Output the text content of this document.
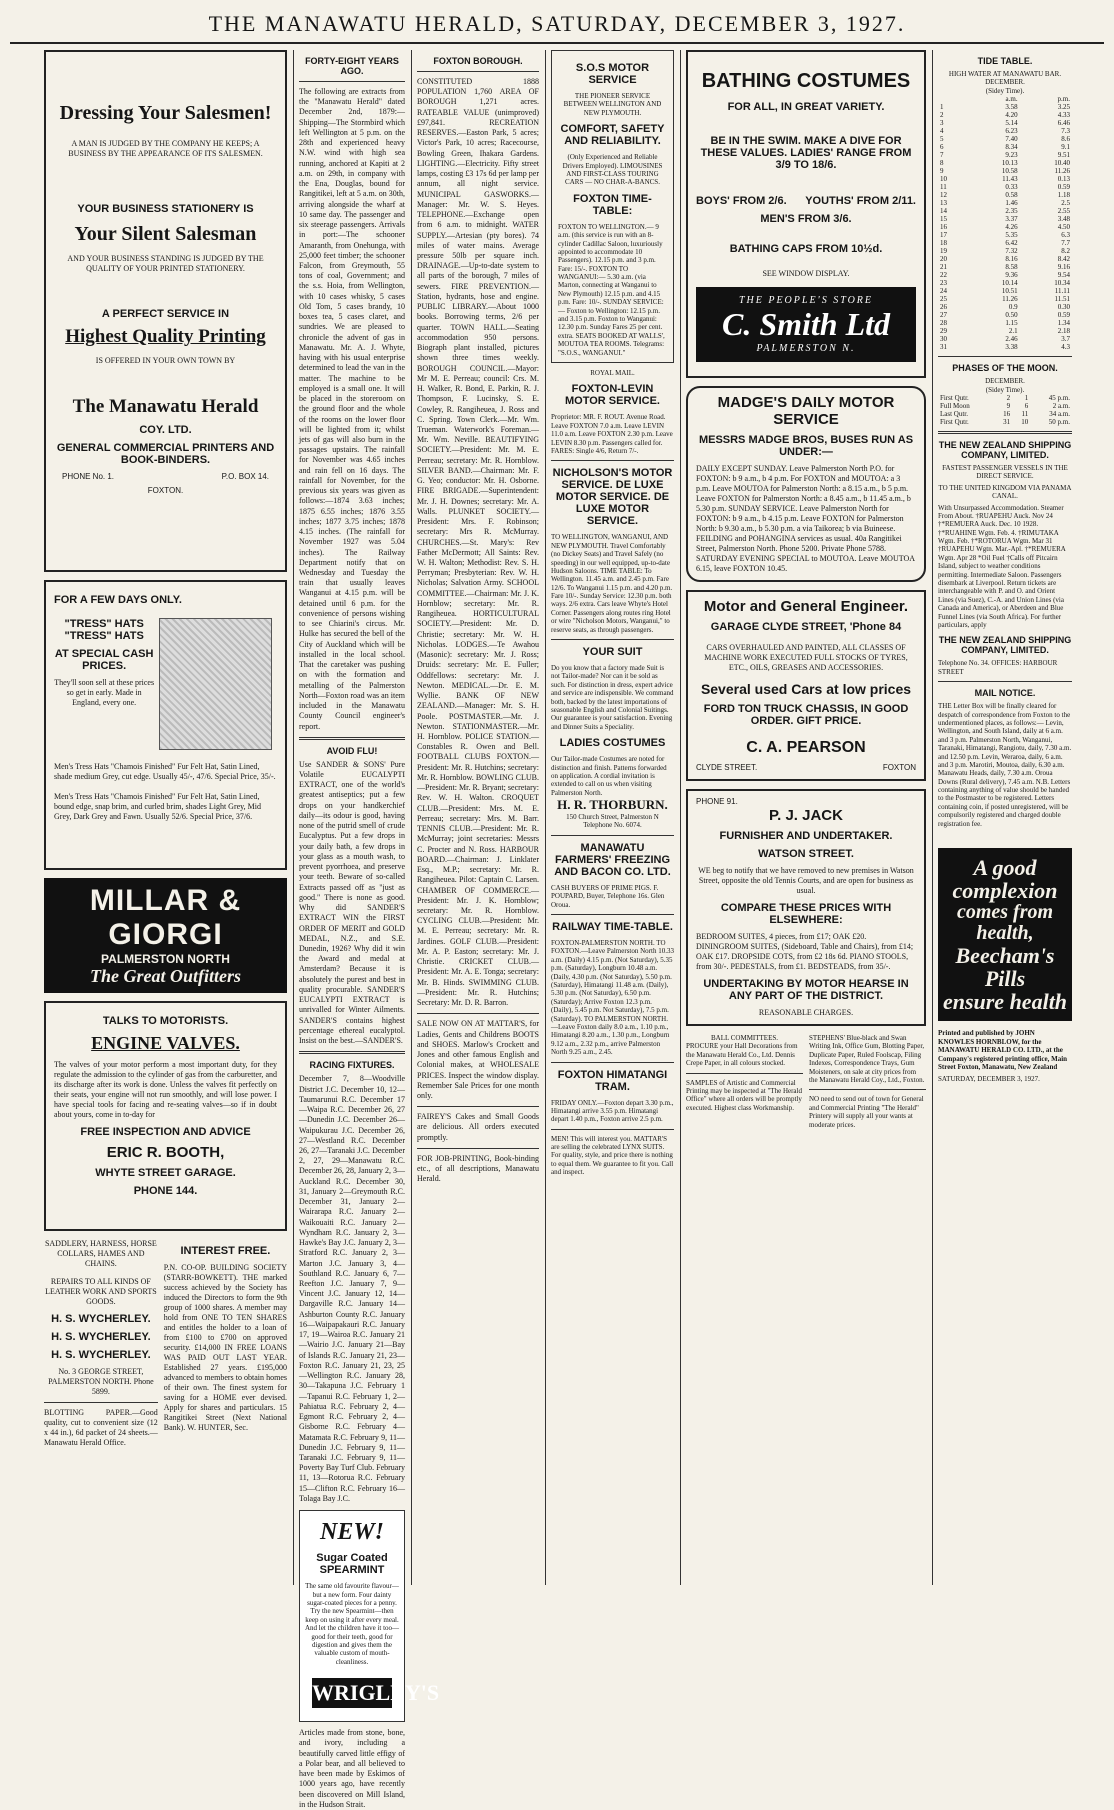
THE MANAWATU HERALD, SATURDAY, DECEMBER 3, 1927.
Dressing Your Salesmen!
A MAN IS JUDGED BY THE COMPANY HE KEEPS; A BUSINESS BY THE APPEARANCE OF ITS SALESMEN.
YOUR BUSINESS STATIONERY IS
Your Silent Salesman
AND YOUR BUSINESS STANDING IS JUDGED BY THE QUALITY OF YOUR PRINTED STATIONERY.
A PERFECT SERVICE IN
Highest Quality Printing
IS OFFERED IN YOUR OWN TOWN BY
The Manawatu Herald
COY. LTD.
GENERAL COMMERCIAL PRINTERS AND BOOK-BINDERS.
PHONE No. 1.	P.O. BOX 14.
FOXTON.
FOR A FEW DAYS ONLY.
"TRESS" HATS "TRESS" HATS
AT SPECIAL CASH PRICES.
They'll soon sell at these prices so get in early. Made in England, every one.
Men's Tress Hats "Chamois Finished" Fur Felt Hat, Satin Lined, shade medium Grey, cut edge. Usually 45/-, 47/6. Special Price, 35/-.
Men's Tress Hats "Chamois Finished" Fur Felt Hat, Satin Lined, bound edge, snap brim, and curled brim, shades Light Grey, Mid Grey, Dark Grey and Fawn. Usually 52/6. Special Price, 37/6.
MILLAR & GIORGI
PALMERSTON NORTH
The Great Outfitters
TALKS TO MOTORISTS.
ENGINE VALVES.
The valves of your motor perform a most important duty, for they regulate the admission to the cylinder of gas from the carburetter, and its discharge after its work is done. Unless the valves fit perfectly on their seats, your engine will not run smoothly, and will lose power. I have special tools for facing and re-seating valves—so if in doubt about yours, come in to-day for
FREE INSPECTION AND ADVICE
ERIC R. BOOTH,
WHYTE STREET GARAGE.
PHONE 144.
SADDLERY, HARNESS, HORSE COLLARS, HAMES AND CHAINS.
REPAIRS TO ALL KINDS OF LEATHER WORK AND SPORTS GOODS.
H. S. WYCHERLEY.
H. S. WYCHERLEY.
H. S. WYCHERLEY.
No. 3 GEORGE STREET, PALMERSTON NORTH. Phone 5899.
BLOTTING PAPER.—Good quality, cut to convenient size (12 x 44 in.), 6d packet of 24 sheets.—Manawatu Herald Office.
INTEREST FREE.
P.N. CO-OP. BUILDING SOCIETY (STARR-BOWKETT). THE marked success achieved by the Society has induced the Directors to form the 9th group of 1000 shares. A member may hold from ONE TO TEN SHARES and entitles the holder to a loan of from £100 to £700 on approved security. £14,000 IN FREE LOANS WAS PAID OUT LAST YEAR. Established 27 years. £195,000 advanced to members to obtain homes of their own. The finest system for saving for a HOME ever devised. Apply for shares and particulars. 15 Rangitikei Street (Next National Bank). W. HUNTER, Sec.
FORTY-EIGHT YEARS AGO.

The following are extracts from the "Manawatu Herald" dated December 2nd, 1879:— Shipping—The Stormbird which left Wellington at 5 p.m. on the 28th and experienced heavy N.W. wind with high sea running, anchored at Kapiti at 2 a.m. on 29th, in company with the Ena, Douglas, bound for Rangitikei, left at 5 a.m. on 30th, arriving alongside the wharf at 10 same day. The passenger and six steerage passengers. Arrivals in port:—The schooner Amaranth, from Onehunga, with 25,000 feet timber; the schooner Falcon, from Greymouth, 55 tons of coal, Government; and the s.s. Hoia, from Wellington, with 10 cases whisky, 5 cases Old Tom, 5 cases brandy, 10 boxes tea, 5 cases claret, and sundries. We are pleased to chronicle the advent of gas in Manawatu. Mr. A. J. Whyte, having with his usual enterprise determined to lead the van in the matter. The machine to be employed is a small one. It will be placed in the storeroom on the ground floor and the whole of the rooms on the lower floor will be lighted from it; whilst jets of gas will also burn in the passages upstairs. The rainfall for November was 4.65 inches and rain fell on 16 days. The rainfall for November, for the previous six years was given as follows:—1874 3.63 inches; 1875 6.55 inches; 1876 3.55 inches; 1877 3.75 inches; 1878 4.15 inches. (The rainfall for November 1927 was 5.04 inches). The Railway Department notify that on Wednesday and Tuesday the train that usually leaves Wanganui at 4.15 p.m. will be detained until 6 p.m. for the convenience of persons wishing to see Chiarini's circus. Mr. Hulke has secured the bell of the City of Auckland which will be installed in the local school. That the caretaker was pushing on with the formation and metalling of the Palmerston North—Foxton road was an item included in the Manawatu County Council engineer's report.

AVOID FLU!

Use SANDER & SONS' Pure Volatile EUCALYPTI EXTRACT, one of the world's greatest antiseptics; put a few drops on your handkerchief daily—its odour is good, having none of the putrid smell of crude Eucalyptus. Put a few drops in your daily bath, a few drops in your glass as a mouth wash, to prevent pyorrhoea, and preserve your teeth. Beware of so-called Extracts passed off as "just as good." There is none as good. Why did SANDER'S EXTRACT WIN the FIRST ORDER OF MERIT and GOLD MEDAL, N.Z., and S.E. Dunedin, 1926? Why did it win the Award and medal at Amsterdam? Because it is absolutely the purest and best in quality procurable. SANDER'S EUCALYPTI EXTRACT is unrivalled for Winter Ailments. SANDER'S contains highest percentage ethereal eucalyptol. Insist on the best.—SANDER'S.

RACING FIXTURES.

December 7, 8—Woodville District J.C. December 10, 12—Taumarunui R.C. December 17—Waipa R.C. December 26, 27—Dunedin J.C. December 26—Waipukurau J.C. December 26, 27—Westland R.C. December 26, 27—Taranaki J.C. December 2, 27, 29—Manawatu R.C. December 26, 28, January 2, 3—Auckland R.C. December 30, 31, January 2—Greymouth R.C. December 31, January 2—Wairarapa R.C. January 2—Waikouaiti R.C. January 2—Wyndham R.C. January 2, 3—Hawke's Bay J.C. January 2, 3—Stratford R.C. January 2, 3—Marton J.C. January 3, 4—Southland R.C. January 6, 7—Reefton J.C. January 7, 9—Vincent J.C. January 12, 14—Dargaville R.C. January 14—Ashburton County R.C. January 16—Waipapakauri R.C. January 17, 19—Wairoa R.C. January 21—Wairio J.C. January 21—Bay of Islands R.C. January 21, 23—Foxton R.C. January 21, 23, 25—Wellington R.C. January 28, 30—Takapuna J.C. February 1—Tapanui R.C. February 1, 2—Pahiatua R.C. February 2, 4—Egmont R.C. February 2, 4—Gisborne R.C. February 4—Matamata R.C. February 9, 11—Dunedin J.C. February 9, 11—Taranaki J.C. February 9, 11—Poverty Bay Turf Club. February 11, 13—Rotorua R.C. February 15—Clifton R.C. February 16—Tolaga Bay J.C.

NEW!
Sugar Coated SPEARMINT
The same old favourite flavour—but a new form. Four dainty sugar-coated pieces for a penny. Try the new Spearmint—then keep on using it after every meal. And let the children have it too—good for their teeth, good for digestion and gives them the valuable custom of mouth-cleanliness.
WRIGLEY'S

Articles made from stone, bone, and ivory, including a beautifully carved little effigy of a Polar bear, and all believed to have been made by Eskimos of 1000 years ago, have recently been discovered on Mill Island, in the Hudson Strait.

FOXTON BOROUGH.

CONSTITUTED 1888 POPULATION 1,760 AREA OF BOROUGH 1,271 acres. RATEABLE VALUE (unimproved) £97,841. RECREATION RESERVES.—Easton Park, 5 acres; Victor's Park, 10 acres; Racecourse, Bowling Green, Ihakara Gardens. LIGHTING.—Electricity. Fifty street lamps, costing £3 17s 6d per lamp per annum, all night service. MUNICIPAL GASWORKS.—Manager: Mr. W. S. Heyes. TELEPHONE.—Exchange open from 6 a.m. to midnight. WATER SUPPLY.—Artesian (pty bores). 74 miles of water mains. Average pressure 50lb per square inch. DRAINAGE.—Up-to-date system to all parts of the borough, 7 miles of sewers. FIRE PREVENTION.—Station, hydrants, hose and engine. PUBLIC LIBRARY.—About 1000 books. Borrowing terms, 2/6 per quarter. TOWN HALL.—Seating accommodation 950 persons. Biograph plant installed, pictures shown three times weekly. BOROUGH COUNCIL.—Mayor: Mr M. E. Perreau; council: Crs. M. H. Walker, R. Bond, E. Parkin, R. J. Thompson, F. Lucinsky, S. E. Cowley, R. Rangiheuea, J. Ross and C. Spring. Town Clerk.—Mr. Wm. Trueman. Waterwork's Foreman.—Mr. Wm. Neville. BEAUTIFYING SOCIETY.—President: Mr. M. E. Perreau; secretary: Mr. R. Hornblow. SILVER BAND.—Chairman: Mr. F. G. Yeo; conductor: Mr. H. Osborne. FIRE BRIGADE.—Superintendent: Mr. J. H. Downes; secretary: Mr. A. Walls. PLUNKET SOCIETY.—President: Mrs. F. Robinson; secretary: Mrs R. McMurray. CHURCHES.—St. Mary's: Rev Father McDermott; All Saints: Rev. W. H. Walton; Methodist: Rev. S. H. Perryman; Presbyterian: Rev. W. H. Nicholas; Salvation Army. SCHOOL COMMITTEE.—Chairman: Mr. J. K. Hornblow; secretary: Mr. R. Rangiheuea. HORTICULTURAL SOCIETY.—President: Mr. D. Christie; secretary: Mr. W. H. Nicholas. LODGES.—Te Awahou (Masonic): secretary: Mr. J. Ross; Druids: secretary: Mr. E. Fuller; Oddfellows: secretary: Mr. J. Newton. MEDICAL.—Dr. E. M. Wyllie. BANK OF NEW ZEALAND.—Manager: Mr. S. H. Poole. POSTMASTER.—Mr. J. Newton. STATIONMASTER.—Mr. H. Hornblow. POLICE STATION.—Constables R. Owen and Bell. FOOTBALL CLUBS FOXTON.—President: Mr. R. Hutchins; secretary: Mr. R. Hornblow. BOWLING CLUB.—President: Mr. R. Bryant; secretary: Rev. W. H. Walton. CROQUET CLUB.—President: Mrs. M. E. Perreau; secretary: Mrs. M. Barr. TENNIS CLUB.—President: Mr. R. McMurray; joint secretaries: Messrs C. Procter and N. Ross. HARBOUR BOARD.—Chairman: J. Linklater Esq., M.P.; secretary: Mr. R. Rangiheuea. Pilot: Captain C. Larsen. CHAMBER OF COMMERCE.—President: Mr. J. K. Hornblow; secretary: Mr. R. Hornblow. CYCLING CLUB.—President: Mr. M. E. Perreau; secretary: Mr. R. Jardines. GOLF CLUB.—President: Mr. A. P. Easton; secretary: Mr. J. Christie. CRICKET CLUB.—President: Mr. A. E. Tonga; secretary: Mr. B. Hinds. SWIMMING CLUB.—President: Mr. R. Hutchins; Secretary: Mr. D. R. Barron.

SALE NOW ON AT MATTAR'S, for Ladies, Gents and Childrens BOOTS and SHOES. Marlow's Crockett and Jones and other famous English and Colonial makes, at WHOLESALE PRICES. Inspect the window display. Remember Sale Prices for one month only.

FAIREY'S Cakes and Small Goods are delicious. All orders executed promptly.

FOR JOB-PRINTING, Book-binding etc., of all descriptions, Manawatu Herald.

S.O.S MOTOR SERVICE
THE PIONEER SERVICE BETWEEN WELLINGTON AND NEW PLYMOUTH.
COMFORT, SAFETY AND RELIABILITY.
(Only Experienced and Reliable Drivers Employed). LIMOUSINES AND FIRST-CLASS TOURING CARS — NO CHAR-A-BANCS.
FOXTON TIME-TABLE:
FOXTON TO WELLINGTON.— 9 a.m. (this service is run with an 8-cylinder Cadillac Saloon, luxuriously appointed to accommodate 10 Passengers). 12.15 p.m. and 3 p.m. Fare: 15/-. FOXTON TO WANGANUI:— 5.30 a.m. (via Marton, connecting at Wanganui to New Plymouth) 12.15 p.m. and 4.15 p.m. Fare: 10/-. SUNDAY SERVICE:— Foxton to Wellington: 12.15 p.m. and 3.15 p.m. Foxton to Wanganui: 12.30 p.m. Sunday Fares 25 per cent. extra. SEATS BOOKED AT WALLS', MOUTOA TEA ROOMS. Telegrams: "S.O.S., WANGANUI."
ROYAL MAIL.
FOXTON-LEVIN MOTOR SERVICE.
Proprietor: MR. F. ROUT. Avenue Road. Leave FOXTON 7.0 a.m. Leave LEVIN 11.0 a.m. Leave FOXTON 2.30 p.m. Leave LEVIN 8.30 p.m. Passengers called for. FARES: Single 4/6, Return 7/-.
NICHOLSON'S MOTOR SERVICE. DE LUXE MOTOR SERVICE. DE LUXE MOTOR SERVICE.
TO WELLINGTON, WANGANUI, AND NEW PLYMOUTH. Travel Comfortably (no Dickey Seats) and Travel Safely (no speeding) in our well equipped, up-to-date Hudson Saloons. TIME TABLE: To Wellington. 11.45 a.m. and 2.45 p.m. Fare 12/6. To Wanganui 1.15 p.m. and 4.20 p.m. Fare 10/-. Sunday Service: 12.30 p.m. both ways. 2/6 extra. Cars leave Whyte's Hotel Corner. Passengers along routes ring Hotel or wire "Nicholson Motors, Wanganui," to reserve seats, as through passengers.
YOUR SUIT
Do you know that a factory made Suit is not Tailor-made? Nor can it be sold as such. For distinction in dress, expert advice and service are indispensible. We command both, backed by the latest importations of seasonable English and Colonial Suitings. Our guarantee is your satisfaction. Evening and Dinner Suits a Speciality.
LADIES COSTUMES
Our Tailor-made Costumes are noted for distinction and finish. Patterns forwarded on application. A cordial invitation is extended to call on us when visiting Palmerston North.
H. R. THORBURN.
150 Church Street, Palmerston N Telephone No. 6074.
MANAWATU FARMERS' FREEZING AND BACON CO. LTD.
CASH BUYERS OF PRIME PIGS. F. POUPARD, Buyer, Telephone 16s. Glen Oroua.
RAILWAY TIME-TABLE.
FOXTON-PALMERSTON NORTH. TO FOXTON.—Leave Palmerston North 10.33 a.m. (Daily) 4.15 p.m. (Not Saturday), 5.35 p.m. (Saturday), Longburn 10.48 a.m. (Daily, 4.30 p.m. (Not Saturday), 5.50 p.m. (Saturday), Himatangi 11.48 a.m. (Daily), 5.30 p.m. (Not Saturday), 6.50 p.m. (Saturday); Arrive Foxton 12.3 p.m. (Daily), 5.45 p.m. Not Saturday), 7.5 p.m. (Saturday). TO PALMERSTON NORTH.—Leave Foxton daily 8.0 a.m., 1.10 p.m., Himatangi 8.20 a.m., 1.30 p.m., Longburn 9.12 a.m., 2.32 p.m., arrive Palmerston North 9.25 a.m., 2.45.
FOXTON HIMATANGI TRAM.
FRIDAY ONLY.—Foxton depart 3.30 p.m., Himatangi arrive 3.55 p.m. Himatangi depart 1.40 p.m., Foxton arrive 2.5 p.m.
MEN! This will interest you. MATTAR'S are selling the celebrated LYNX SUITS. For quality, style, and price there is nothing to equal them. We guarantee to fit you. Call and inspect.
BATHING COSTUMES
FOR ALL, IN GREAT VARIETY.
BE IN THE SWIM. MAKE A DIVE FOR THESE VALUES. LADIES' RANGE FROM 3/9 TO 18/6.
BOYS' FROM 2/6. YOUTHS' FROM 2/11.
MEN'S FROM 3/6.
BATHING CAPS FROM 10½d.
SEE WINDOW DISPLAY.
THE PEOPLE'S STORE
C. Smith Ltd
PALMERSTON N.
MADGE'S DAILY MOTOR SERVICE
MESSRS MADGE BROS, BUSES RUN AS UNDER:—
DAILY EXCEPT SUNDAY. Leave Palmerston North P.O. for FOXTON: b 9 a.m., b 4 p.m. For FOXTON and MOUTOA: a 3 p.m. Leave MOUTOA for Palmerston North: a 8.15 a.m., b 5 p.m. Leave FOXTON for Palmerston North: a 8.45 a.m., b 11.45 a.m., b 5.30 p.m. SUNDAY SERVICE. Leave Palmerston North for FOXTON: b 9 a.m., b 4.15 p.m. Leave FOXTON for Palmerston North: b 9.30 a.m., b 5.30 p.m. a via Taikorea; b via Buineese. FEILDING and POHANGINA services as usual. 40a Rangitikei Street, Palmerston North. Phone 5200. Private Phone 5788. SATURDAY EVENING SPECIAL to MOUTOA. Leave MOUTOA 6.15, leave FOXTON 10.45.
Motor and General Engineer.
GARAGE CLYDE STREET, 'Phone 84
CARS OVERHAULED AND PAINTED, ALL CLASSES OF MACHINE WORK EXECUTED FULL STOCKS OF TYRES, ETC., OILS, GREASES AND ACCESSORIES.
Several used Cars at low prices
FORD TON TRUCK CHASSIS, IN GOOD ORDER. GIFT PRICE.
C. A. PEARSON
CLYDE STREET.	FOXTON
PHONE 91.
P. J. JACK
FURNISHER AND UNDERTAKER.
WATSON STREET.
WE beg to notify that we have removed to new premises in Watson Street, opposite the old Tennis Courts, and are open for business as usual.
COMPARE THESE PRICES WITH ELSEWHERE:
BEDROOM SUITES, 4 pieces, from £17; OAK £20. DININGROOM SUITES, (Sideboard, Table and Chairs), from £14; OAK £17. DROPSIDE COTS, from £2 18s 6d. PIANO STOOLS, from 30/-. PEDESTALS, from £1. BEDSTEADS, from 35/-.
UNDERTAKING BY MOTOR HEARSE IN ANY PART OF THE DISTRICT.
REASONABLE CHARGES.
BALL COMMITTEES.
PROCURE your Hall Decorations from the Manawatu Herald Co., Ltd. Dennis Crepe Paper, in all colours stocked.
SAMPLES of Artistic and Commercial Printing may be inspected at "The Herald Office" where all orders will be promptly executed. Highest class Workmanship.
STEPHENS' Blue-black and Swan Writing Ink, Office Gum, Blotting Paper, Duplicate Paper, Ruled Foolscap, Filing Indexes, Correspondence Trays, Gum Moisteners, on sale at city prices from the Manawatu Herald Coy., Ltd., Foxton.
NO need to send out of town for General and Commercial Printing "The Herald" Printery will supply all your wants at moderate prices.
TIDE TABLE.
HIGH WATER AT MANAWATU BAR.
DECEMBER.
(Sidey Time).
	a.m.	p.m.
1	3.58	3.25
2	4.20	4.33
3	5.14	6.46
4	6.23	7.3
5	7.40	8.6
6	8.34	9.1
7	9.23	9.51
8	10.13	10.40
9	10.58	11.26
10	11.43	0.13
11	0.33	0.59
12	0.58	1.18
13	1.46	2.5
14	2.35	2.55
15	3.37	3.48
16	4.26	4.50
17	5.35	6.3
18	6.42	7.7
19	7.32	8.2
20	8.16	8.42
21	8.58	9.16
22	9.36	9.54
23	10.14	10.34
24	10.51	11.11
25	11.26	11.51
26	0.9	0.30
27	0.50	0.59
28	1.15	1.34
29	2.1	2.18
30	2.46	3.7
31	3.38	4.3
PHASES OF THE MOON.
DECEMBER.
(Sidey Time).
First Qutr.	2	1	45 p.m.
Full Moon	9	6	2 a.m.
Last Qutr.	16	11	34 a.m.
First Qutr.	31	10	50 p.m.
THE NEW ZEALAND SHIPPING COMPANY, LIMITED.
FASTEST PASSENGER VESSELS IN THE DIRECT SERVICE.
TO THE UNITED KINGDOM VIA PANAMA CANAL.
With Unsurpassed Accommodation. Steamer From About. †RUAPEHU Auck. Nov 24 †*REMUERA Auck. Dec. 10 1928. †*RUAHINE Wgtn. Feb. 4. †RIMUTAKA Wgtn. Feb. †*ROTORUA Wgtn. Mar 31 †RUAPEHU Wgtn. Mar.-Apl. †*REMUERA Wgtn. Apr 28 *Oil Fuel †Calls off Pitcairn Island, subject to weather conditions permitting. Intermediate Saloon. Passengers disembark at Liverpool. Return tickets are interchangeable with P. and O. and Orient Lines (via Suez), C.-A. and Union Lines (via Canada and America), or Aberdeen and Blue Funnel Lines (via South Africa). For further particulars, apply
THE NEW ZEALAND SHIPPING COMPANY, LIMITED.
Telephone No. 34. OFFICES: HARBOUR STREET
MAIL NOTICE.
THE Letter Box will be finally cleared for despatch of correspondence from Foxton to the undermentioned places, as follows:— Levin, Wellington, and South Island, daily at 6 a.m. and 3 p.m. Palmerston North, Wanganui, Taranaki, Himatangi, Rangiotu, daily, 7.30 a.m. and 12.50 p.m. Levin, Weraroa, daily, 6 a.m. and 3 p.m. Marotiri, Moutoa, daily, 6.30 a.m. Manawatu Heads, daily, 7.30 a.m. Oroua Downs (Rural delivery), 7.45 a.m. N.B. Letters containing anything of value should be handed to the Postmaster to be registered. Letters containing coin, if posted unregistered, will be compulsorily registered and charged double registration fee.
A good complexion
comes from health,
Beecham's Pills
ensure health
Printed and published by JOHN KNOWLES HORNBLOW, for the MANAWATU HERALD CO. LTD., at the Company's registered printing office, Main Street Foxton, Manawatu, New Zealand
SATURDAY, DECEMBER 3, 1927.
